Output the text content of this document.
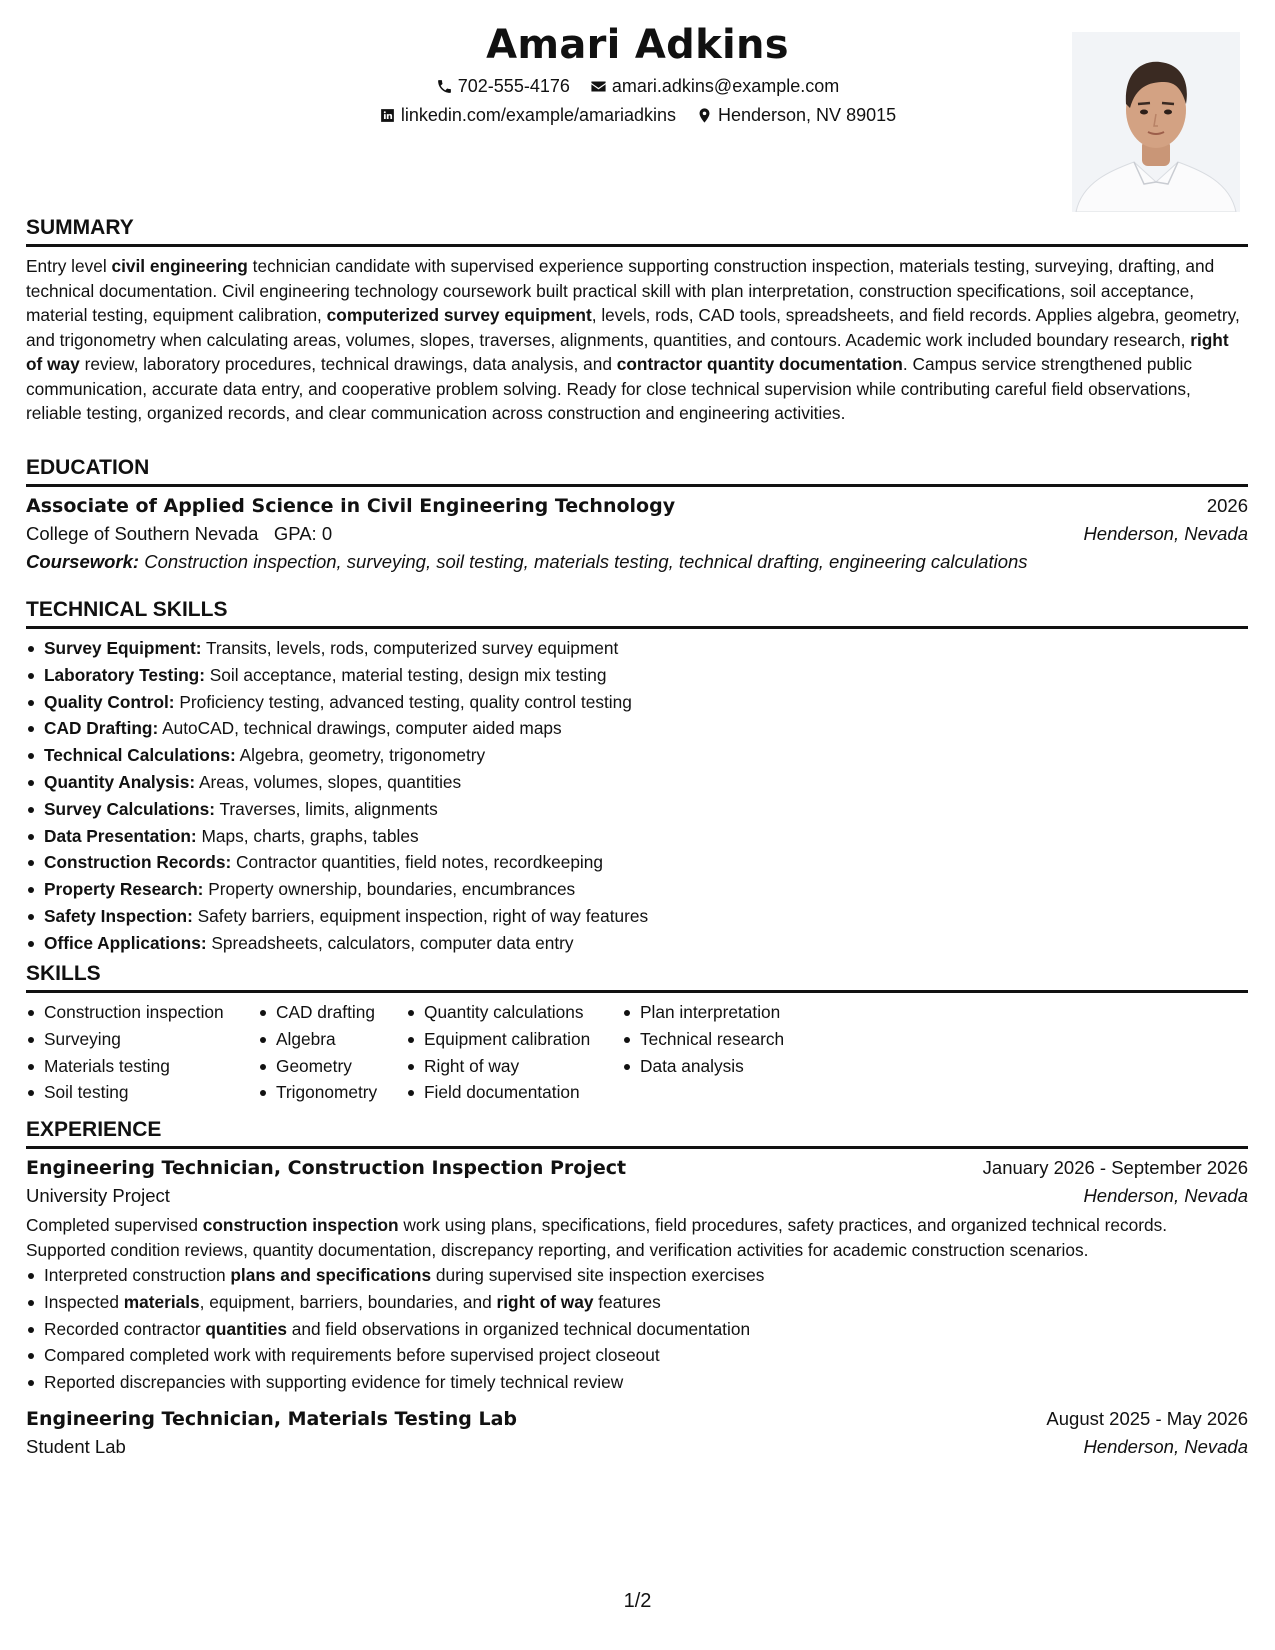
Amari Adkins
702-555-4176 amari.adkins@example.com
linkedin.com/example/amariadkins Henderson, NV 89015
SUMMARY
Entry level civil engineering technician candidate with supervised experience supporting construction inspection, materials testing, surveying, drafting, and technical documentation. Civil engineering technology coursework built practical skill with plan interpretation, construction specifications, soil acceptance, material testing, equipment calibration, computerized survey equipment, levels, rods, CAD tools, spreadsheets, and field records. Applies algebra, geometry, and trigonometry when calculating areas, volumes, slopes, traverses, alignments, quantities, and contours. Academic work included boundary research, right of way review, laboratory procedures, technical drawings, data analysis, and contractor quantity documentation. Campus service strengthened public communication, accurate data entry, and cooperative problem solving. Ready for close technical supervision while contributing careful field observations, reliable testing, organized records, and clear communication across construction and engineering activities.
EDUCATION
Associate of Applied Science in Civil Engineering Technology	2026
College of Southern Nevada GPA: 0	Henderson, Nevada
Coursework: Construction inspection, surveying, soil testing, materials testing, technical drafting, engineering calculations
TECHNICAL SKILLS
Survey Equipment: Transits, levels, rods, computerized survey equipment
Laboratory Testing: Soil acceptance, material testing, design mix testing
Quality Control: Proficiency testing, advanced testing, quality control testing
CAD Drafting: AutoCAD, technical drawings, computer aided maps
Technical Calculations: Algebra, geometry, trigonometry
Quantity Analysis: Areas, volumes, slopes, quantities
Survey Calculations: Traverses, limits, alignments
Data Presentation: Maps, charts, graphs, tables
Construction Records: Contractor quantities, field notes, recordkeeping
Property Research: Property ownership, boundaries, encumbrances
Safety Inspection: Safety barriers, equipment inspection, right of way features
Office Applications: Spreadsheets, calculators, computer data entry
SKILLS
Construction inspection
Surveying
Materials testing
Soil testing
CAD drafting
Algebra
Geometry
Trigonometry
Quantity calculations
Equipment calibration
Right of way
Field documentation
Plan interpretation
Technical research
Data analysis
EXPERIENCE
Engineering Technician, Construction Inspection Project	January 2026 - September 2026
University Project	Henderson, Nevada
Completed supervised construction inspection work using plans, specifications, field procedures, safety practices, and organized technical records. Supported condition reviews, quantity documentation, discrepancy reporting, and verification activities for academic construction scenarios.
Interpreted construction plans and specifications during supervised site inspection exercises
Inspected materials, equipment, barriers, boundaries, and right of way features
Recorded contractor quantities and field observations in organized technical documentation
Compared completed work with requirements before supervised project closeout
Reported discrepancies with supporting evidence for timely technical review
Engineering Technician, Materials Testing Lab	August 2025 - May 2026
Student Lab	Henderson, Nevada
1/2
